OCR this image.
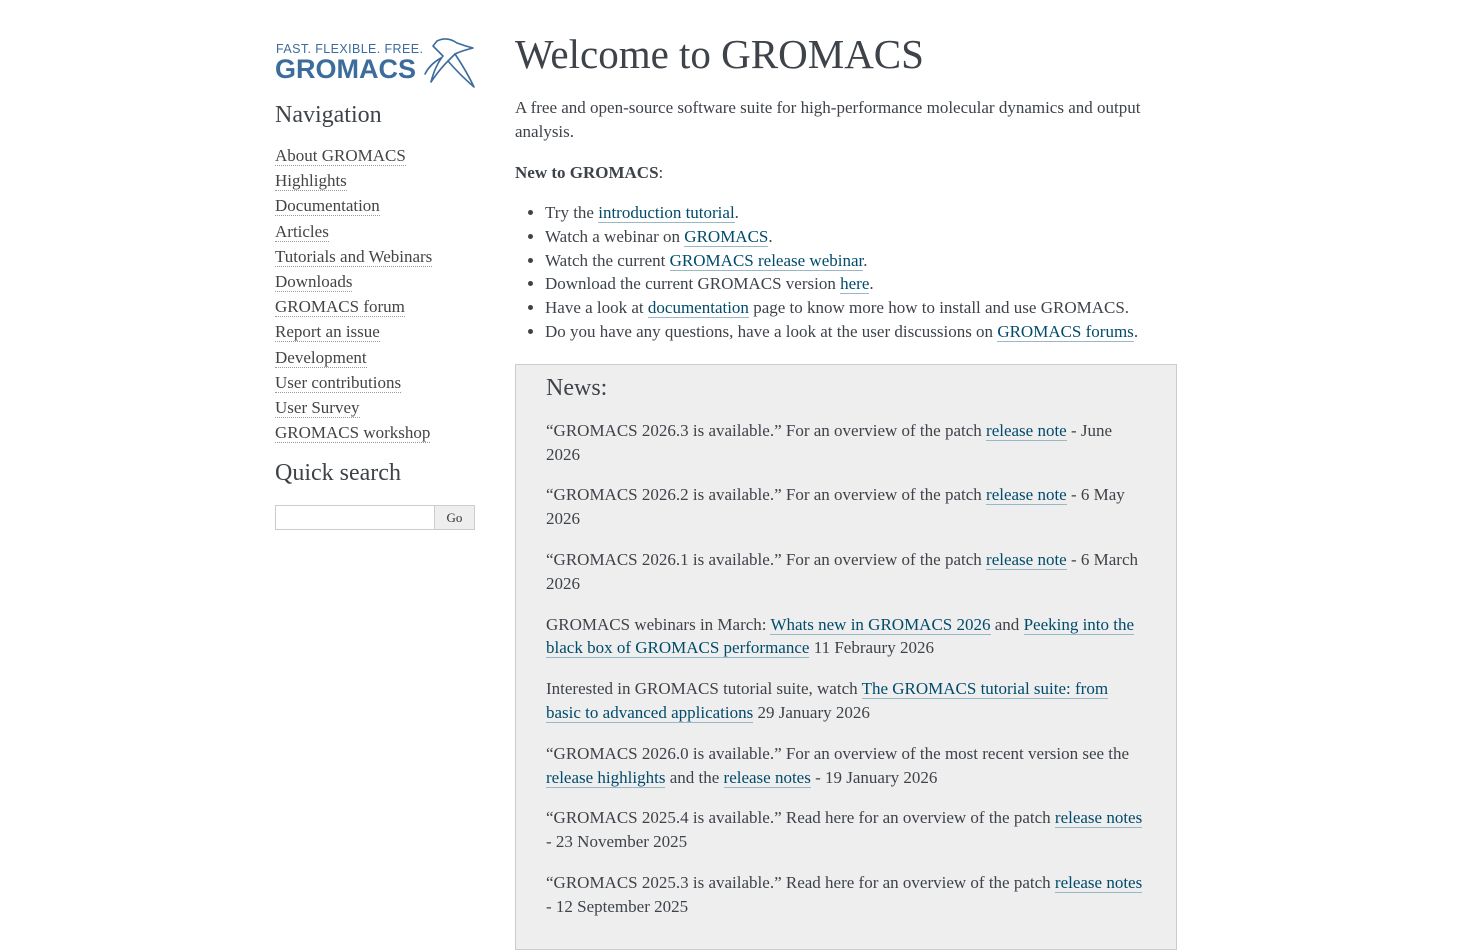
FAST. FLEXIBLE. FREE.
GROMACS
Navigation
About GROMACS
Highlights
Documentation
Articles
Tutorials and Webinars
Downloads
GROMACS forum
Report an issue
Development
User contributions
User Survey
GROMACS workshop
Quick search
Go
Welcome to GROMACS

A free and open-source software suite for high-performance molecular dynamics and output analysis.

New to GROMACS:

• Try the introduction tutorial.
• Watch a webinar on GROMACS.
• Watch the current GROMACS release webinar.
• Download the current GROMACS version here.
• Have a look at documentation page to know more how to install and use GROMACS.
• Do you have any questions, have a look at the user discussions on GROMACS forums.
News:

“GROMACS 2026.3 is available.” For an overview of the patch release note - June 2026

“GROMACS 2026.2 is available.” For an overview of the patch release note - 6 May 2026

“GROMACS 2026.1 is available.” For an overview of the patch release note - 6 March 2026

GROMACS webinars in March: Whats new in GROMACS 2026 and Peeking into the black box of GROMACS performance 11 Febraury 2026

Interested in GROMACS tutorial suite, watch The GROMACS tutorial suite: from basic to advanced applications 29 January 2026

“GROMACS 2026.0 is available.” For an overview of the most recent version see the release highlights and the release notes - 19 January 2026

“GROMACS 2025.4 is available.” Read here for an overview of the patch release notes - 23 November 2025

“GROMACS 2025.3 is available.” Read here for an overview of the patch release notes - 12 September 2025
